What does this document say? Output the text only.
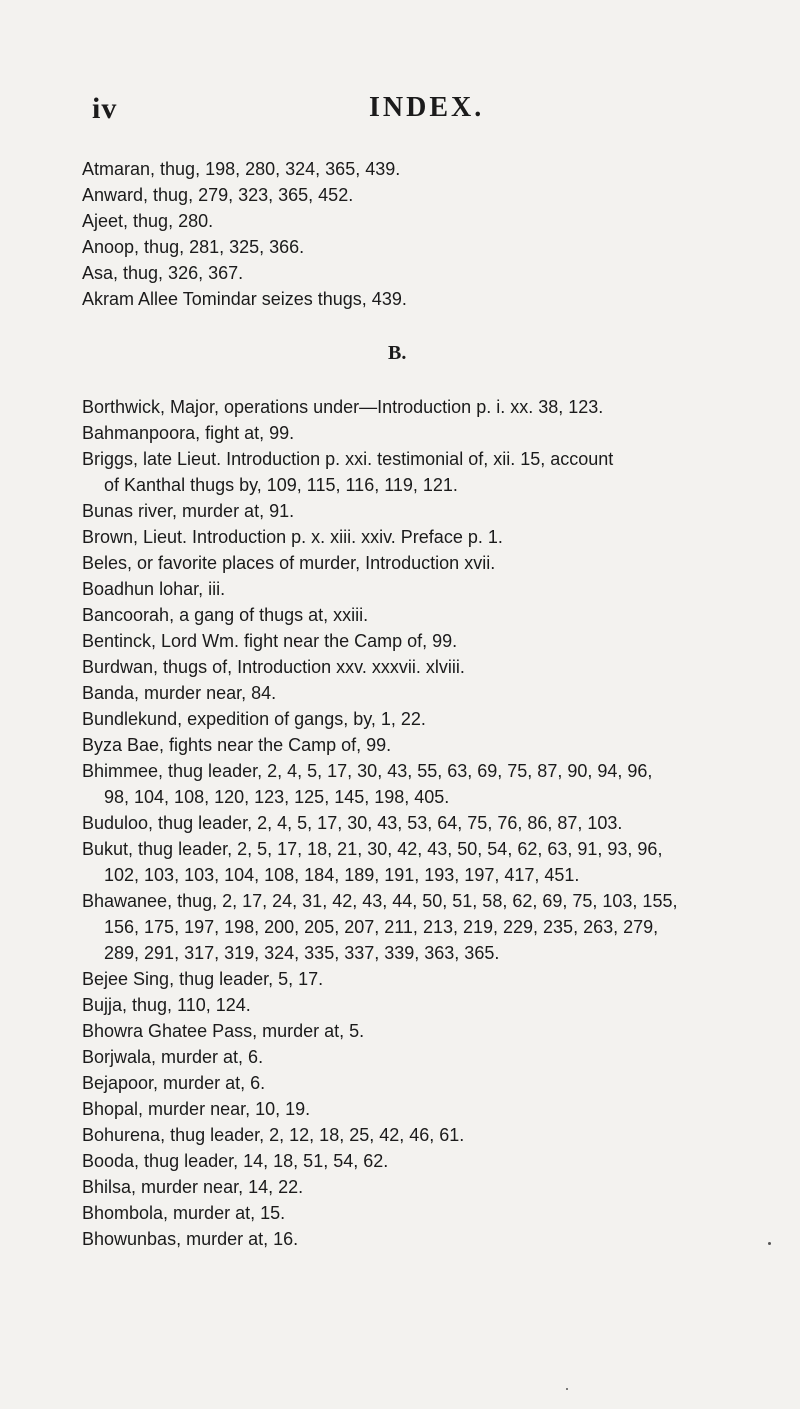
iv	INDEX.
Atmaran, thug, 198, 280, 324, 365, 439.
Anward, thug, 279, 323, 365, 452.
Ajeet, thug, 280.
Anoop, thug, 281, 325, 366.
Asa, thug, 326, 367.
Akram Allee Tomindar seizes thugs, 439.
B.
Borthwick, Major, operations under—Introduction p. i. xx. 38, 123.
Bahmanpoora, fight at, 99.
Briggs, late Lieut. Introduction p. xxi. testimonial of, xii. 15, account
of Kanthal thugs by, 109, 115, 116, 119, 121.
Bunas river, murder at, 91.
Brown, Lieut. Introduction p. x. xiii. xxiv. Preface p. 1.
Beles, or favorite places of murder, Introduction xvii.
Boadhun lohar, iii.
Bancoorah, a gang of thugs at, xxiii.
Bentinck, Lord Wm. fight near the Camp of, 99.
Burdwan, thugs of, Introduction xxv. xxxvii. xlviii.
Banda, murder near, 84.
Bundlekund, expedition of gangs, by, 1, 22.
Byza Bae, fights near the Camp of, 99.
Bhimmee, thug leader, 2, 4, 5, 17, 30, 43, 55, 63, 69, 75, 87, 90, 94, 96,
98, 104, 108, 120, 123, 125, 145, 198, 405.
Buduloo, thug leader, 2, 4, 5, 17, 30, 43, 53, 64, 75, 76, 86, 87, 103.
Bukut, thug leader, 2, 5, 17, 18, 21, 30, 42, 43, 50, 54, 62, 63, 91, 93, 96,
102, 103, 103, 104, 108, 184, 189, 191, 193, 197, 417, 451.
Bhawanee, thug, 2, 17, 24, 31, 42, 43, 44, 50, 51, 58, 62, 69, 75, 103, 155,
156, 175, 197, 198, 200, 205, 207, 211, 213, 219, 229, 235, 263, 279,
289, 291, 317, 319, 324, 335, 337, 339, 363, 365.
Bejee Sing, thug leader, 5, 17.
Bujja, thug, 110, 124.
Bhowra Ghatee Pass, murder at, 5.
Borjwala, murder at, 6.
Bejapoor, murder at, 6.
Bhopal, murder near, 10, 19.
Bohurena, thug leader, 2, 12, 18, 25, 42, 46, 61.
Booda, thug leader, 14, 18, 51, 54, 62.
Bhilsa, murder near, 14, 22.
Bhombola, murder at, 15.
Bhowunbas, murder at, 16.
